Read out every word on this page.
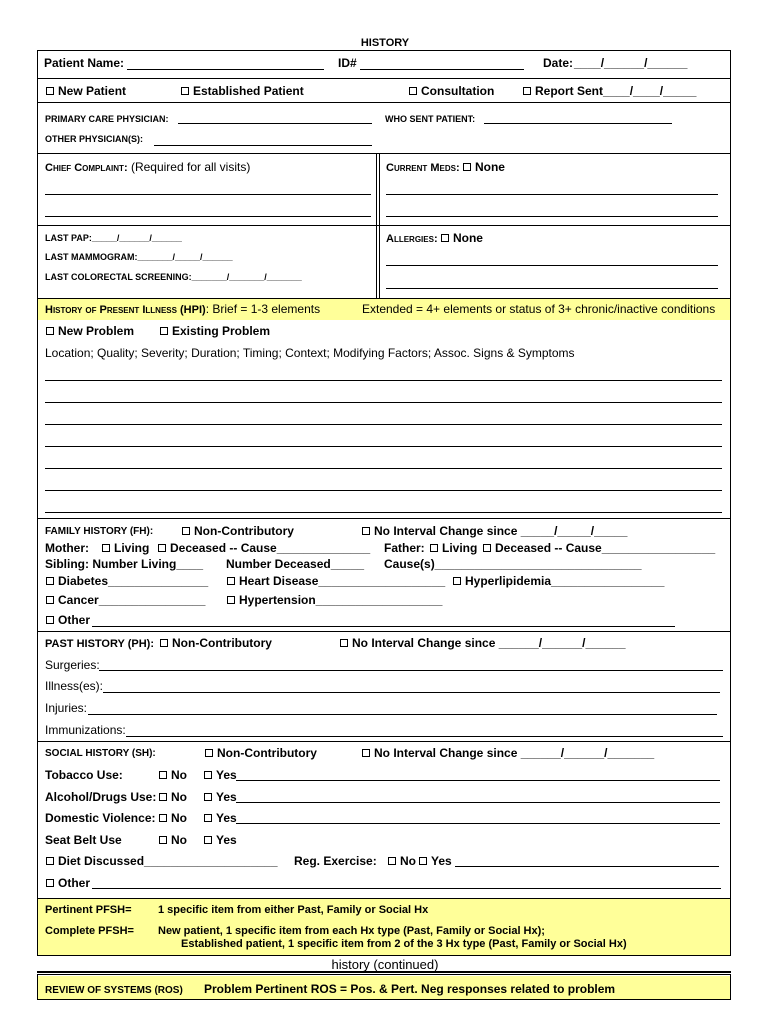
HISTORY
Patient Name:	ID#	Date: ____/______/______
New Patient	Established Patient	Consultation	Report Sent____/____/_____
PRIMARY CARE PHYSICIAN:	WHO SENT PATIENT:
OTHER PHYSICIAN(S):
Chief Complaint: (Required for all visits)	Current Meds: None
LAST PAP:_____/______/______
LAST MAMMOGRAM:_______/_____/______
LAST COLORECTAL SCREENING:_______/_______/_______
Allergies: None
History of Present Illness (HPI): Brief = 1-3 elements	Extended = 4+ elements or status of 3+ chronic/inactive conditions
New Problem	Existing Problem
Location; Quality; Severity; Duration; Timing; Context; Modifying Factors; Assoc. Signs & Symptoms
FAMILY HISTORY (FH):	Non-Contributory	No Interval Change since _____/_____/_____
Mother:	Living	Deceased -- Cause______________ Father:	Living	Deceased -- Cause_________________
Sibling: Number Living____ Number Deceased_____ Cause(s)_______________________________
Diabetes_______________	Heart Disease___________________	Hyperlipidemia_________________
Cancer________________	Hypertension___________________
Other
PAST HISTORY (PH):	Non-Contributory	No Interval Change since ______/______/______
Surgeries:
Illness(es):
Injuries:
Immunizations:
SOCIAL HISTORY (SH):	Non-Contributory	No Interval Change since ______/______/_______
Tobacco Use:	No	Yes
Alcohol/Drugs Use:	No	Yes
Domestic Violence:	No	Yes
Seat Belt Use	No	Yes
Diet Discussed____________________ Reg. Exercise:	No	Yes
Other
Pertinent PFSH= 1 specific item from either Past, Family or Social Hx
Complete PFSH= New patient, 1 specific item from each Hx type (Past, Family or Social Hx);
Established patient, 1 specific item from 2 of the 3 Hx type (Past, Family or Social Hx)
history (continued)
REVIEW OF SYSTEMS (ROS) Problem Pertinent ROS = Pos. & Pert. Neg responses related to problem
